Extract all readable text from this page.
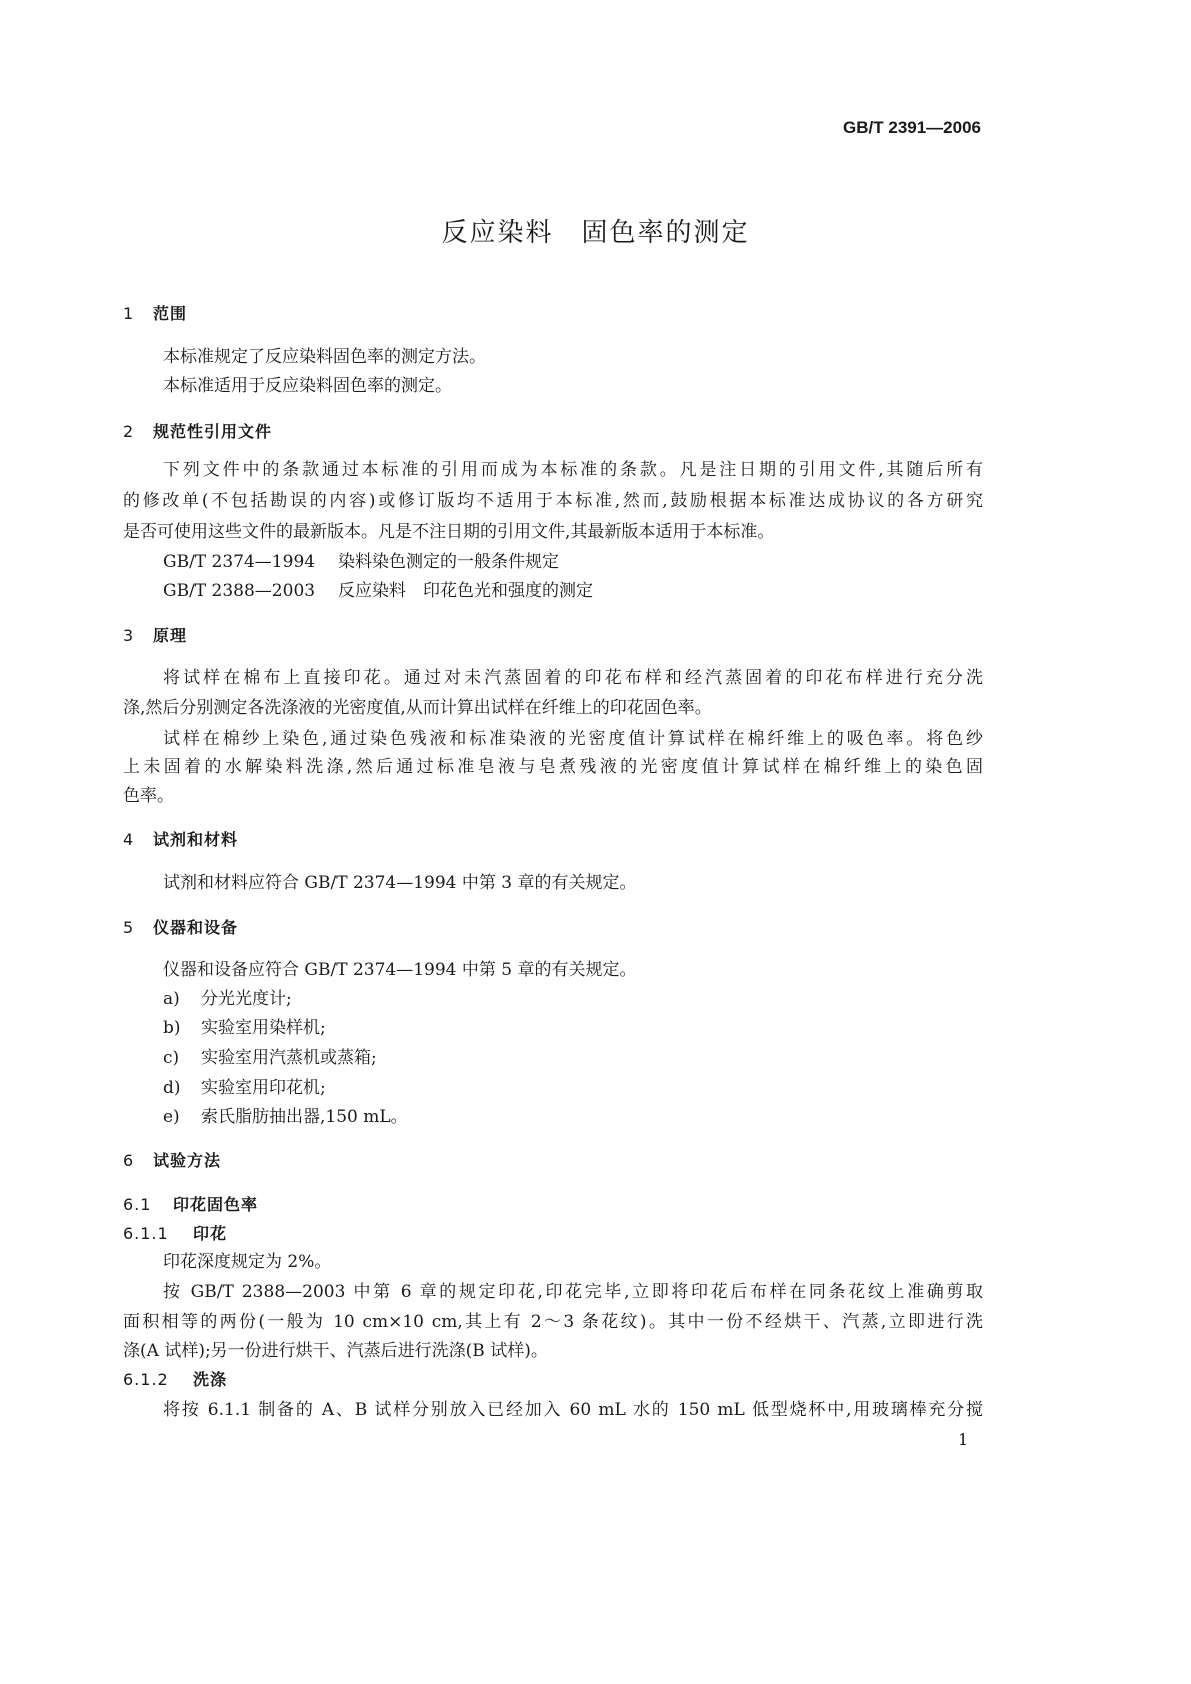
GB/T 2391—2006
反应染料 固色率的测定
1 范围
本标准规定了反应染料固色率的测定方法。
本标准适用于反应染料固色率的测定。
2 规范性引用文件
下列文件中的条款通过本标准的引用而成为本标准的条款。凡是注日期的引用文件,其随后所有
的修改单(不包括勘误的内容)或修订版均不适用于本标准,然而,鼓励根据本标准达成协议的各方研究
是否可使用这些文件的最新版本。凡是不注日期的引用文件,其最新版本适用于本标准。
GB/T 2374—1994 染料染色测定的一般条件规定
GB/T 2388—2003 反应染料　印花色光和强度的测定
3 原理
将试样在棉布上直接印花。通过对未汽蒸固着的印花布样和经汽蒸固着的印花布样进行充分洗
涤,然后分别测定各洗涤液的光密度值,从而计算出试样在纤维上的印花固色率。
试样在棉纱上染色,通过染色残液和标准染液的光密度值计算试样在棉纤维上的吸色率。将色纱
上未固着的水解染料洗涤,然后通过标准皂液与皂煮残液的光密度值计算试样在棉纤维上的染色固
色率。
4 试剂和材料
试剂和材料应符合 GB/T 2374—1994 中第 3 章的有关规定。
5 仪器和设备
仪器和设备应符合 GB/T 2374—1994 中第 5 章的有关规定。
a) 分光光度计;
b) 实验室用染样机;
c) 实验室用汽蒸机或蒸箱;
d) 实验室用印花机;
e) 索氏脂肪抽出器,150 mL。
6 试验方法
6.1 印花固色率
6.1.1 印花
印花深度规定为 2%。
按 GB/T 2388—2003 中第 6 章的规定印花,印花完毕,立即将印花后布样在同条花纹上准确剪取
面积相等的两份(一般为 10 cm×10 cm,其上有 2～3 条花纹)。其中一份不经烘干、汽蒸,立即进行洗
涤(A 试样);另一份进行烘干、汽蒸后进行洗涤(B 试样)。
6.1.2 洗涤
将按 6.1.1 制备的 A、B 试样分别放入已经加入 60 mL 水的 150 mL 低型烧杯中,用玻璃棒充分搅
1
